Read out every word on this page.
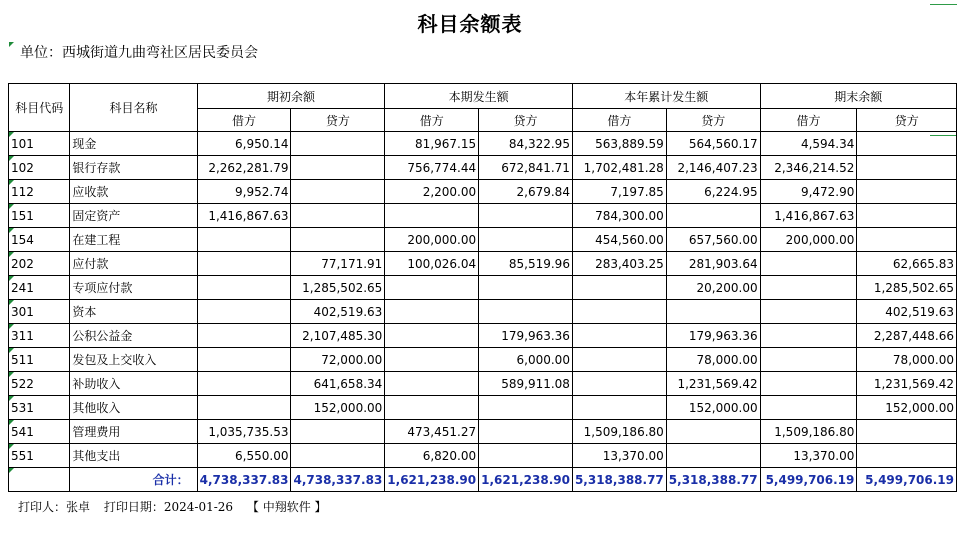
科目余额表
单位：西城街道九曲弯社区居民委员会
科目代码	科目名称	期初余额		本期发生额		本年累计发生额		期末余额	
		借方	贷方	借方	贷方	借方	贷方	借方	贷方

101	现金	6,950.14		81,967.15	84,322.95	563,889.59	564,560.17	4,594.34	

102	银行存款	2,262,281.79		756,774.44	672,841.71	1,702,481.28	2,146,407.23	2,346,214.52	

112	应收款	9,952.74		2,200.00	2,679.84	7,197.85	6,224.95	9,472.90	

151	固定资产	1,416,867.63				784,300.00		1,416,867.63	

154	在建工程			200,000.00		454,560.00	657,560.00	200,000.00	

202	应付款		77,171.91	100,026.04	85,519.96	283,403.25	281,903.64		62,665.83

241	专项应付款		1,285,502.65				20,200.00		1,285,502.65

301	资本		402,519.63						402,519.63

311	公积公益金		2,107,485.30		179,963.36		179,963.36		2,287,448.66

511	发包及上交收入		72,000.00		6,000.00		78,000.00		78,000.00

522	补助收入		641,658.34		589,911.08		1,231,569.42		1,231,569.42

531	其他收入		152,000.00				152,000.00		152,000.00

541	管理费用	1,035,735.53		473,451.27		1,509,186.80		1,509,186.80	

551	其他支出	6,550.00		6,820.00		13,370.00		13,370.00	

	合计：	4,738,337.83	4,738,337.83	1,621,238.90	1,621,238.90	5,318,388.77	5,318,388.77	5,499,706.19	5,499,706.19
打印人：张卓 打印日期：2024-01-26 【 中翔软件 】
